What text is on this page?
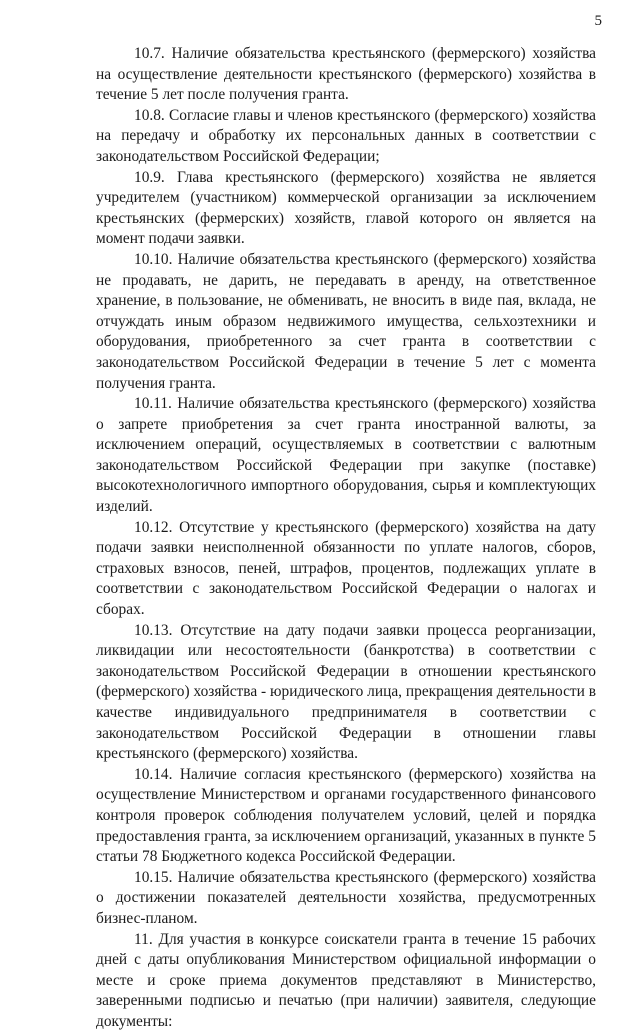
5

10.7. Наличие обязательства крестьянского (фермерского) хозяйства на осуществление деятельности крестьянского (фермерского) хозяйства в течение 5 лет после получения гранта.

10.8. Согласие главы и членов крестьянского (фермерского) хозяйства на передачу и обработку их персональных данных в соответствии с законодательством Российской Федерации;

10.9. Глава крестьянского (фермерского) хозяйства не является учредителем (участником) коммерческой организации за исключением крестьянских (фермерских) хозяйств, главой которого он является на момент подачи заявки.

10.10. Наличие обязательства крестьянского (фермерского) хозяйства не продавать, не дарить, не передавать в аренду, на ответственное хранение, в пользование, не обменивать, не вносить в виде пая, вклада, не отчуждать иным образом недвижимого имущества, сельхозтехники и оборудования, приобретенного за счет гранта в соответствии с законодательством Российской Федерации в течение 5 лет с момента получения гранта.

10.11. Наличие обязательства крестьянского (фермерского) хозяйства о запрете приобретения за счет гранта иностранной валюты, за исключением операций, осуществляемых в соответствии с валютным законодательством Российской Федерации при закупке (поставке) высокотехнологичного импортного оборудования, сырья и комплектующих изделий.

10.12. Отсутствие у крестьянского (фермерского) хозяйства на дату подачи заявки неисполненной обязанности по уплате налогов, сборов, страховых взносов, пеней, штрафов, процентов, подлежащих уплате в соответствии с законодательством Российской Федерации о налогах и сборах.

10.13. Отсутствие на дату подачи заявки процесса реорганизации, ликвидации или несостоятельности (банкротства) в соответствии с законодательством Российской Федерации в отношении крестьянского (фермерского) хозяйства - юридического лица, прекращения деятельности в качестве индивидуального предпринимателя в соответствии с законодательством Российской Федерации в отношении главы крестьянского (фермерского) хозяйства.

10.14. Наличие согласия крестьянского (фермерского) хозяйства на осуществление Министерством и органами государственного финансового контроля проверок соблюдения получателем условий, целей и порядка предоставления гранта, за исключением организаций, указанных в пункте 5 статьи 78 Бюджетного кодекса Российской Федерации.

10.15. Наличие обязательства крестьянского (фермерского) хозяйства о достижении показателей деятельности хозяйства, предусмотренных бизнес-планом.

11. Для участия в конкурсе соискатели гранта в течение 15 рабочих дней с даты опубликования Министерством официальной информации о месте и сроке приема документов представляют в Министерство, заверенными подписью и печатью (при наличии) заявителя, следующие документы:
